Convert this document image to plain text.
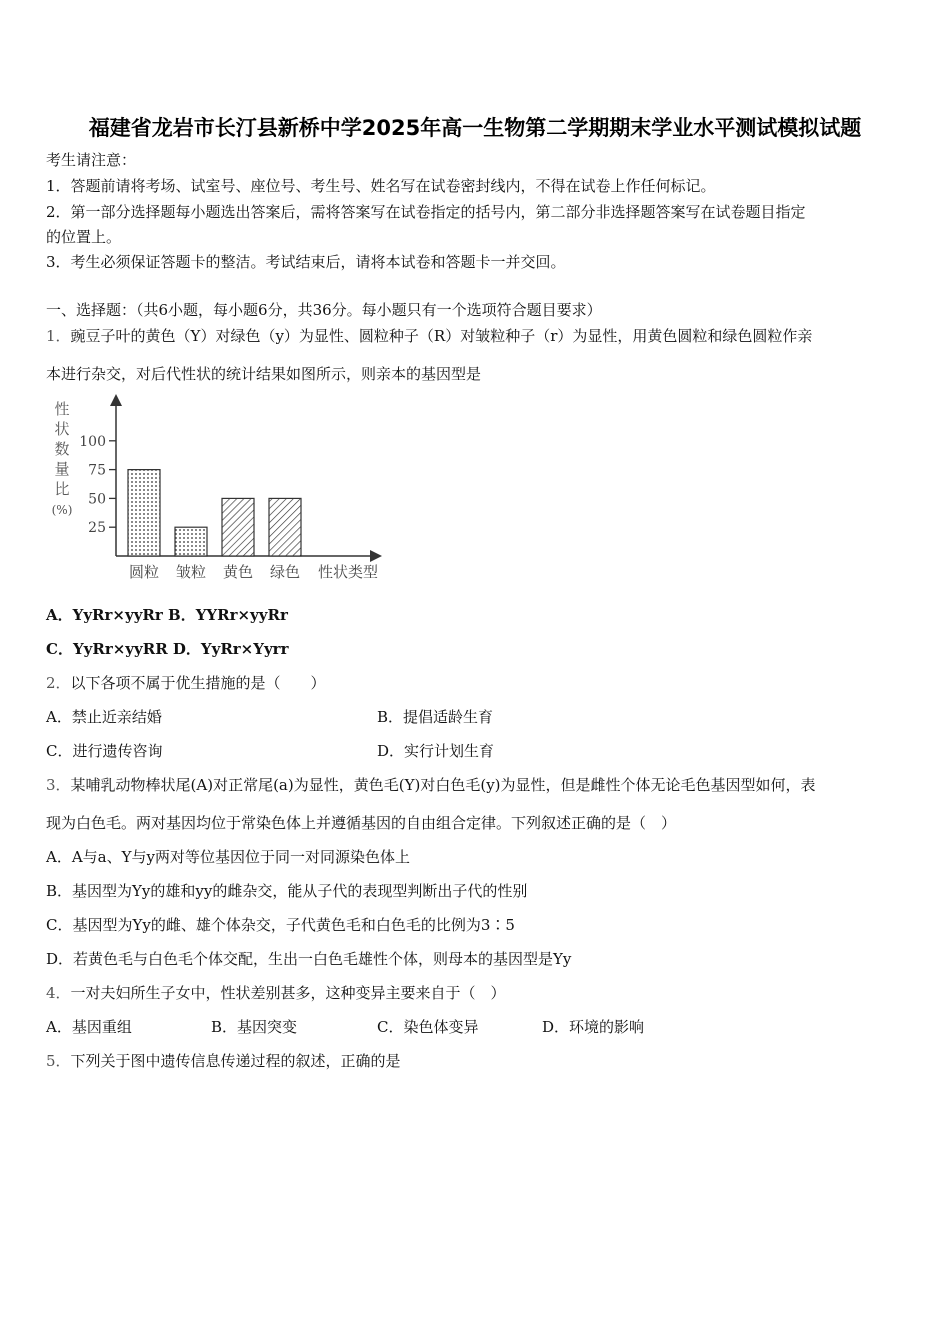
福建省龙岩市长汀县新桥中学2025年高一生物第二学期期末学业水平测试模拟试题
考生请注意：
1．答题前请将考场、试室号、座位号、考生号、姓名写在试卷密封线内，不得在试卷上作任何标记。
2．第一部分选择题每小题选出答案后，需将答案写在试卷指定的括号内，第二部分非选择题答案写在试卷题目指定
的位置上。
3．考生必须保证答题卡的整洁。考试结束后，请将本试卷和答题卡一并交回。
一、选择题：（共6小题，每小题6分，共36分。每小题只有一个选项符合题目要求）
1．豌豆子叶的黄色（Y）对绿色（y）为显性、圆粒种子（R）对皱粒种子（r）为显性，用黄色圆粒和绿色圆粒作亲
本进行杂交，对后代性状的统计结果如图所示，则亲本的基因型是
性
状
数
量
比
(%)
25
50
75
100
圆粒 皱粒 黄色 绿色 性状类型
A．YyRr×yyRr B．YYRr×yyRr
C．YyRr×yyRR D．YyRr×Yyrr
2．以下各项不属于优生措施的是（　　）
A．禁止近亲结婚	B．提倡适龄生育
C．进行遗传咨询	D．实行计划生育
3．某哺乳动物棒状尾(A)对正常尾(a)为显性，黄色毛(Y)对白色毛(y)为显性，但是雌性个体无论毛色基因型如何，表
现为白色毛。两对基因均位于常染色体上并遵循基因的自由组合定律。下列叙述正确的是（　）
A．A与a、Y与y两对等位基因位于同一对同源染色体上
B．基因型为Yy的雄和yy的雌杂交，能从子代的表现型判断出子代的性别
C．基因型为Yy的雌、雄个体杂交，子代黄色毛和白色毛的比例为3∶5
D．若黄色毛与白色毛个体交配，生出一白色毛雄性个体，则母本的基因型是Yy
4．一对夫妇所生子女中，性状差别甚多，这种变异主要来自于（　）
A．基因重组	B．基因突变	C．染色体变异	D．环境的影响
5．下列关于图中遗传信息传递过程的叙述，正确的是
